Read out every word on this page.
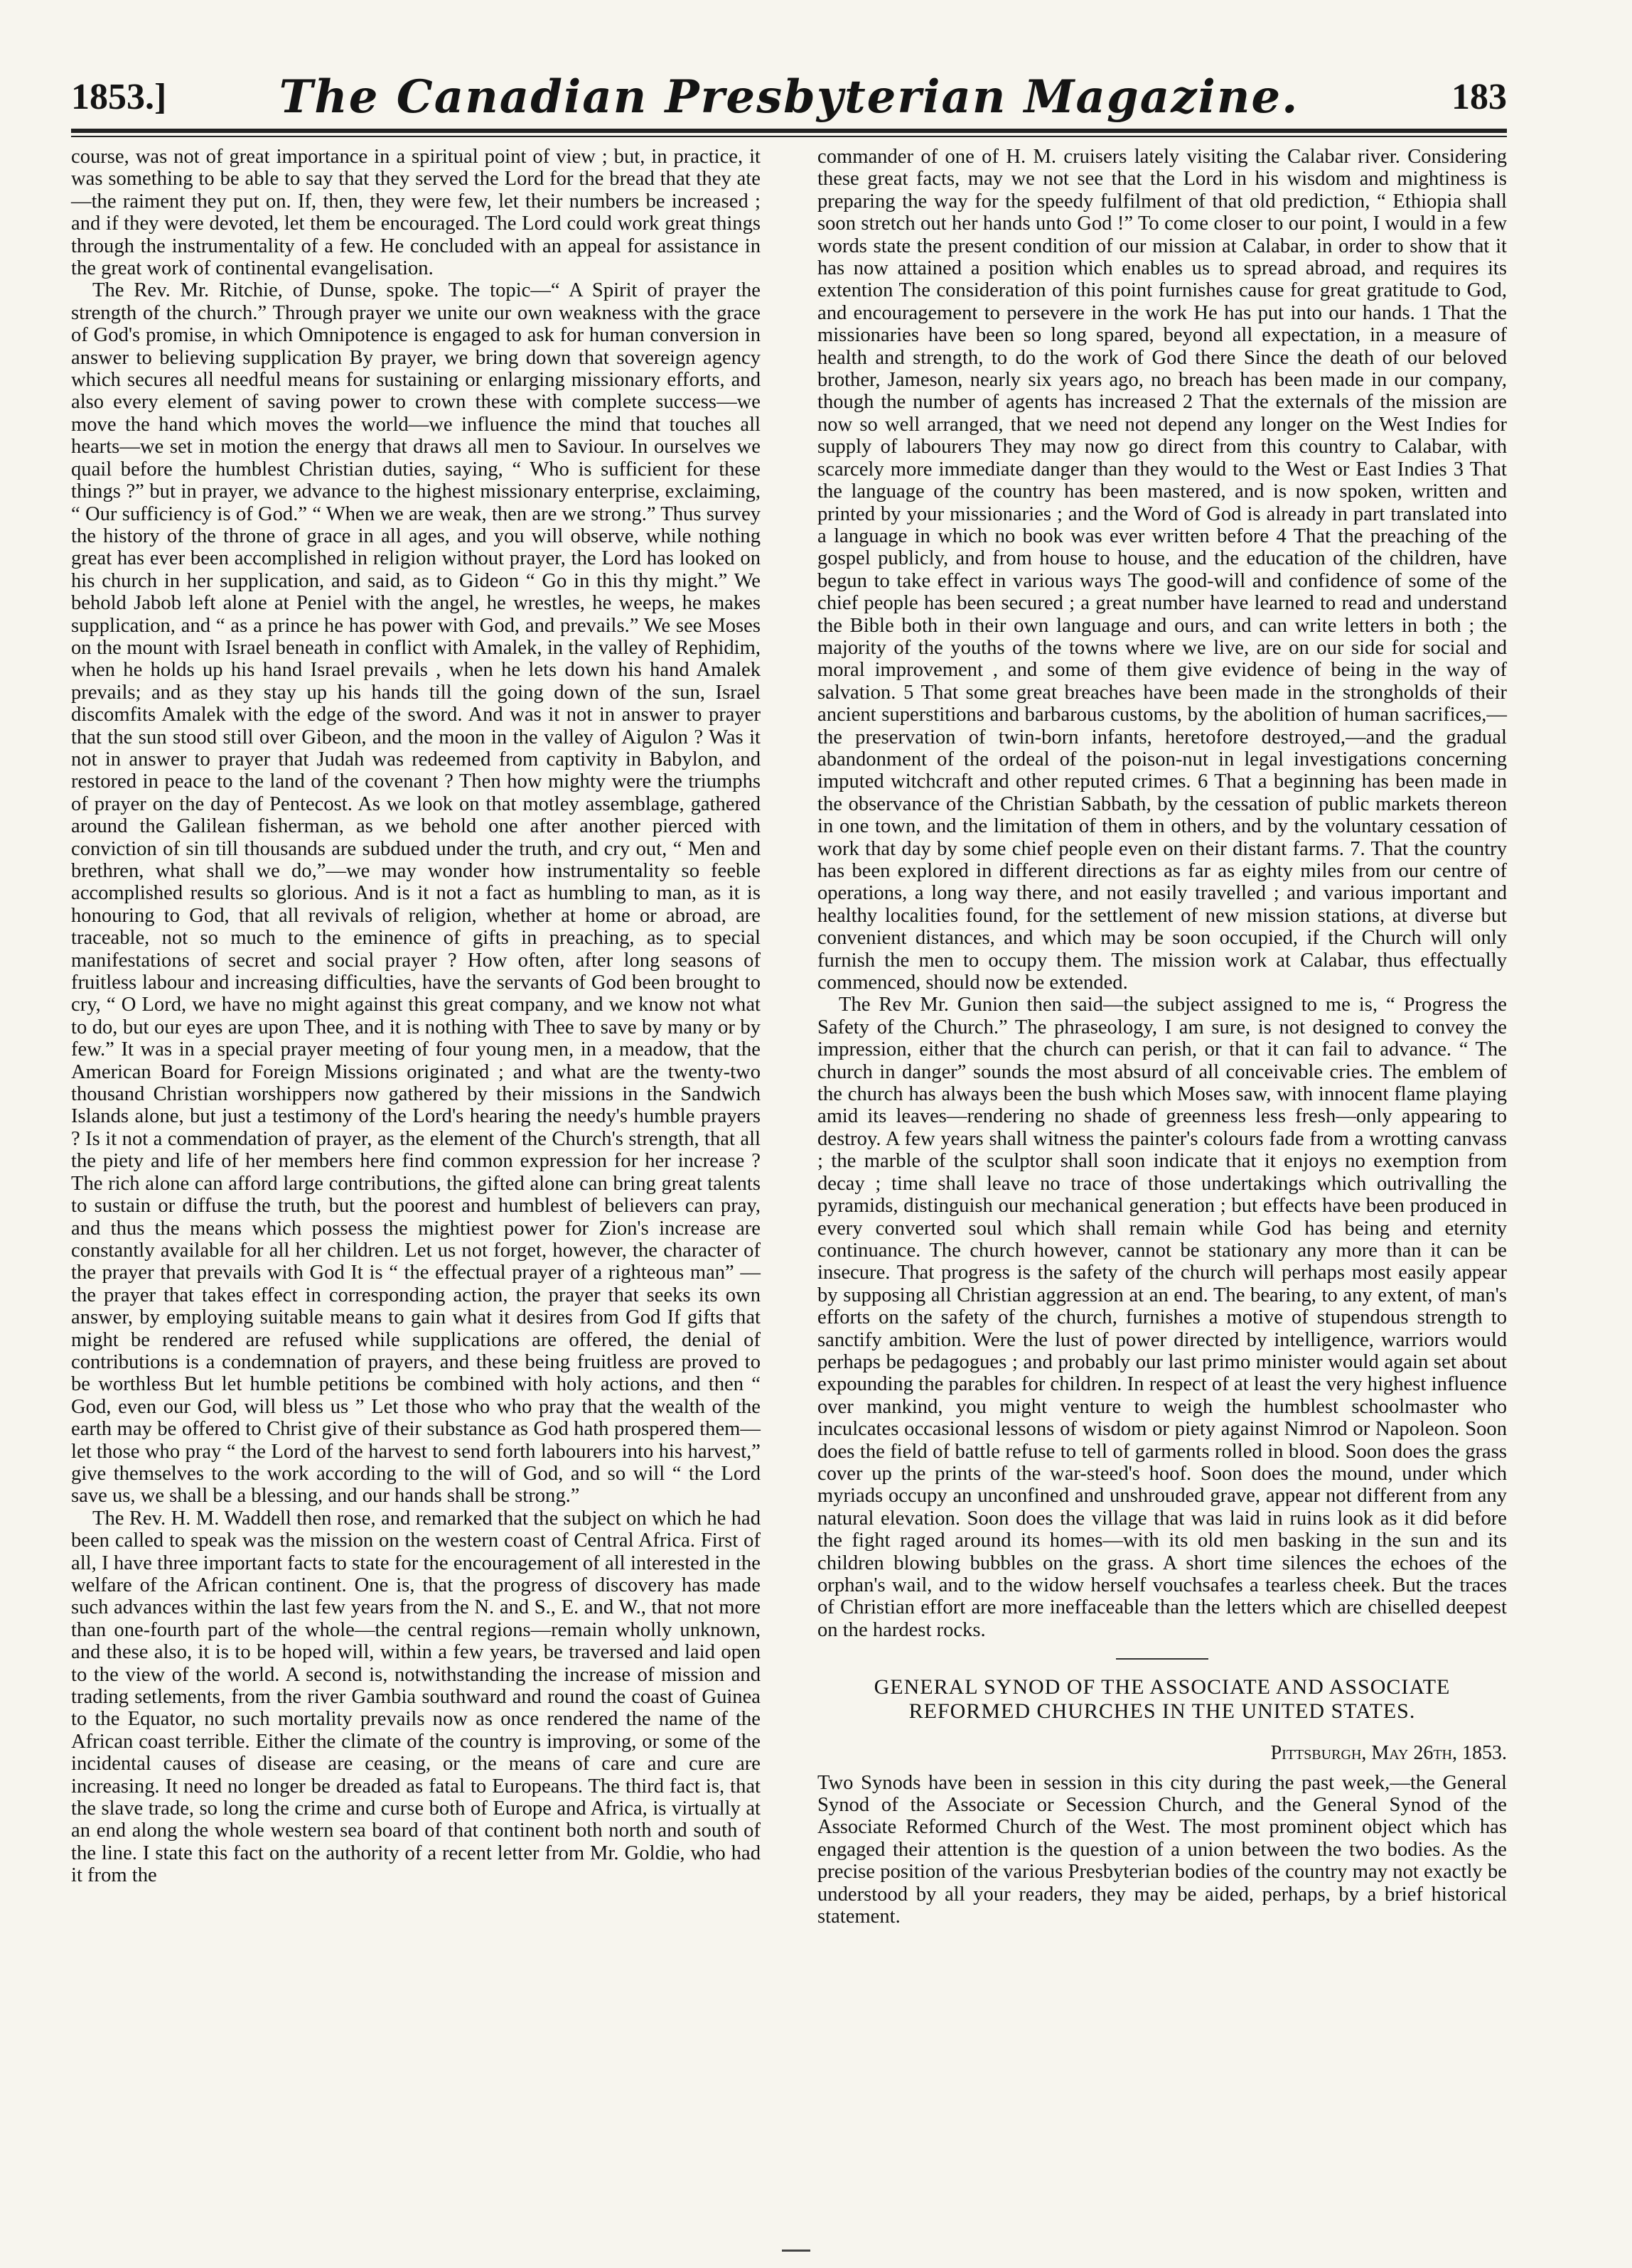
1853.]	The Canadian Presbyterian Magazine.	183

course, was not of great importance in a spiritual point of view ; but, in practice, it was something to be able to say that they served the Lord for the bread that they ate—the raiment they put on. If, then, they were few, let their numbers be increased ; and if they were devoted, let them be encouraged. The Lord could work great things through the instrumentality of a few. He concluded with an appeal for assistance in the great work of continental evangelisation.

The Rev. Mr. Ritchie, of Dunse, spoke. The topic—“ A Spirit of prayer the strength of the church.” Through prayer we unite our own weakness with the grace of God's promise, in which Omnipotence is engaged to ask for human conversion in answer to believing supplication By prayer, we bring down that sovereign agency which secures all needful means for sustaining or enlarging missionary efforts, and also every element of saving power to crown these with complete success—we move the hand which moves the world—we influence the mind that touches all hearts—we set in motion the energy that draws all men to Saviour. In ourselves we quail before the humblest Christian duties, saying, “ Who is sufficient for these things ?” but in prayer, we advance to the highest missionary enterprise, exclaiming, “ Our sufficiency is of God.” “ When we are weak, then are we strong.” Thus survey the history of the throne of grace in all ages, and you will observe, while nothing great has ever been accomplished in religion without prayer, the Lord has looked on his church in her supplication, and said, as to Gideon “ Go in this thy might.” We behold Jabob left alone at Peniel with the angel, he wrestles, he weeps, he makes supplication, and “ as a prince he has power with God, and prevails.” We see Moses on the mount with Israel beneath in conflict with Amalek, in the valley of Rephidim, when he holds up his hand Israel prevails , when he lets down his hand Amalek prevails; and as they stay up his hands till the going down of the sun, Israel discomfits Amalek with the edge of the sword. And was it not in answer to prayer that the sun stood still over Gibeon, and the moon in the valley of Aigulon ? Was it not in answer to prayer that Judah was redeemed from captivity in Babylon, and restored in peace to the land of the covenant ? Then how mighty were the triumphs of prayer on the day of Pentecost. As we look on that motley assemblage, gathered around the Galilean fisherman, as we behold one after another pierced with conviction of sin till thousands are subdued under the truth, and cry out, “ Men and brethren, what shall we do,”—we may wonder how instrumentality so feeble accomplished results so glorious. And is it not a fact as humbling to man, as it is honouring to God, that all revivals of religion, whether at home or abroad, are traceable, not so much to the eminence of gifts in preaching, as to special manifestations of secret and social prayer ? How often, after long seasons of fruitless labour and increasing difficulties, have the servants of God been brought to cry, “ O Lord, we have no might against this great company, and we know not what to do, but our eyes are upon Thee, and it is nothing with Thee to save by many or by few.” It was in a special prayer meeting of four young men, in a meadow, that the American Board for Foreign Missions originated ; and what are the twenty-two thousand Christian worshippers now gathered by their missions in the Sandwich Islands alone, but just a testimony of the Lord's hearing the needy's humble prayers ? Is it not a commendation of prayer, as the element of the Church's strength, that all the piety and life of her members here find common expression for her increase ? The rich alone can afford large contributions, the gifted alone can bring great talents to sustain or diffuse the truth, but the poorest and humblest of believers can pray, and thus the means which possess the mightiest power for Zion's increase are constantly available for all her children. Let us not forget, however, the character of the prayer that prevails with God It is “ the effectual prayer of a righteous man” —the prayer that takes effect in corresponding action, the prayer that seeks its own answer, by employing suitable means to gain what it desires from God If gifts that might be rendered are refused while supplications are offered, the denial of contributions is a condemnation of prayers, and these being fruitless are proved to be worthless But let humble petitions be combined with holy actions, and then “ God, even our God, will bless us ” Let those who who pray that the wealth of the earth may be offered to Christ give of their substance as God hath prospered them—let those who pray “ the Lord of the harvest to send forth labourers into his harvest,” give themselves to the work according to the will of God, and so will “ the Lord save us, we shall be a blessing, and our hands shall be strong.”

The Rev. H. M. Waddell then rose, and remarked that the subject on which he had been called to speak was the mission on the western coast of Central Africa. First of all, I have three important facts to state for the encouragement of all interested in the welfare of the African continent. One is, that the progress of discovery has made such advances within the last few years from the N. and S., E. and W., that not more than one-fourth part of the whole—the central regions—remain wholly unknown, and these also, it is to be hoped will, within a few years, be traversed and laid open to the view of the world. A second is, notwithstanding the increase of mission and trading setlements, from the river Gambia southward and round the coast of Guinea to the Equator, no such mortality prevails now as once rendered the name of the African coast terrible. Either the climate of the country is improving, or some of the incidental causes of disease are ceasing, or the means of care and cure are increasing. It need no longer be dreaded as fatal to Europeans. The third fact is, that the slave trade, so long the crime and curse both of Europe and Africa, is virtually at an end along the whole western sea board of that continent both north and south of the line. I state this fact on the authority of a recent letter from Mr. Goldie, who had it from the

commander of one of H. M. cruisers lately visiting the Calabar river. Considering these great facts, may we not see that the Lord in his wisdom and mightiness is preparing the way for the speedy fulfilment of that old prediction, “ Ethiopia shall soon stretch out her hands unto God !” To come closer to our point, I would in a few words state the present condition of our mission at Calabar, in order to show that it has now attained a position which enables us to spread abroad, and requires its extention The consideration of this point furnishes cause for great gratitude to God, and encouragement to persevere in the work He has put into our hands. 1 That the missionaries have been so long spared, beyond all expectation, in a measure of health and strength, to do the work of God there Since the death of our beloved brother, Jameson, nearly six years ago, no breach has been made in our company, though the number of agents has increased 2 That the externals of the mission are now so well arranged, that we need not depend any longer on the West Indies for supply of labourers They may now go direct from this country to Calabar, with scarcely more immediate danger than they would to the West or East Indies 3 That the language of the country has been mastered, and is now spoken, written and printed by your missionaries ; and the Word of God is already in part translated into a language in which no book was ever written before 4 That the preaching of the gospel publicly, and from house to house, and the education of the children, have begun to take effect in various ways The good-will and confidence of some of the chief people has been secured ; a great number have learned to read and understand the Bible both in their own language and ours, and can write letters in both ; the majority of the youths of the towns where we live, are on our side for social and moral improvement , and some of them give evidence of being in the way of salvation. 5 That some great breaches have been made in the strongholds of their ancient superstitions and barbarous customs, by the abolition of human sacrifices,—the preservation of twin-born infants, heretofore destroyed,—and the gradual abandonment of the ordeal of the poison-nut in legal investigations concerning imputed witchcraft and other reputed crimes. 6 That a beginning has been made in the observance of the Christian Sabbath, by the cessation of public markets thereon in one town, and the limitation of them in others, and by the voluntary cessation of work that day by some chief people even on their distant farms. 7. That the country has been explored in different directions as far as eighty miles from our centre of operations, a long way there, and not easily travelled ; and various important and healthy localities found, for the settlement of new mission stations, at diverse but convenient distances, and which may be soon occupied, if the Church will only furnish the men to occupy them. The mission work at Calabar, thus effectually commenced, should now be extended.

The Rev Mr. Gunion then said—the subject assigned to me is, “ Progress the Safety of the Church.” The phraseology, I am sure, is not designed to convey the impression, either that the church can perish, or that it can fail to advance. “ The church in danger” sounds the most absurd of all conceivable cries. The emblem of the church has always been the bush which Moses saw, with innocent flame playing amid its leaves—rendering no shade of greenness less fresh—only appearing to destroy. A few years shall witness the painter's colours fade from a wrotting canvass ; the marble of the sculptor shall soon indicate that it enjoys no exemption from decay ; time shall leave no trace of those undertakings which outrivalling the pyramids, distinguish our mechanical generation ; but effects have been produced in every converted soul which shall remain while God has being and eternity continuance. The church however, cannot be stationary any more than it can be insecure. That progress is the safety of the church will perhaps most easily appear by supposing all Christian aggression at an end. The bearing, to any extent, of man's efforts on the safety of the church, furnishes a motive of stupendous strength to sanctify ambition. Were the lust of power directed by intelligence, warriors would perhaps be pedagogues ; and probably our last primo minister would again set about expounding the parables for children. In respect of at least the very highest influence over mankind, you might venture to weigh the humblest schoolmaster who inculcates occasional lessons of wisdom or piety against Nimrod or Napoleon. Soon does the field of battle refuse to tell of garments rolled in blood. Soon does the grass cover up the prints of the war-steed's hoof. Soon does the mound, under which myriads occupy an unconfined and unshrouded grave, appear not different from any natural elevation. Soon does the village that was laid in ruins look as it did before the fight raged around its homes—with its old men basking in the sun and its children blowing bubbles on the grass. A short time silences the echoes of the orphan's wail, and to the widow herself vouchsafes a tearless cheek. But the traces of Christian effort are more ineffaceable than the letters which are chiselled deepest on the hardest rocks.

GENERAL SYNOD OF THE ASSOCIATE AND ASSOCIATE REFORMED CHURCHES IN THE UNITED STATES.
Pittsburgh, May 26th, 1853.

Two Synods have been in session in this city during the past week,—the General Synod of the Associate or Secession Church, and the General Synod of the Associate Reformed Church of the West. The most prominent object which has engaged their attention is the question of a union between the two bodies. As the precise position of the various Presbyterian bodies of the country may not exactly be understood by all your readers, they may be aided, perhaps, by a brief historical statement.
